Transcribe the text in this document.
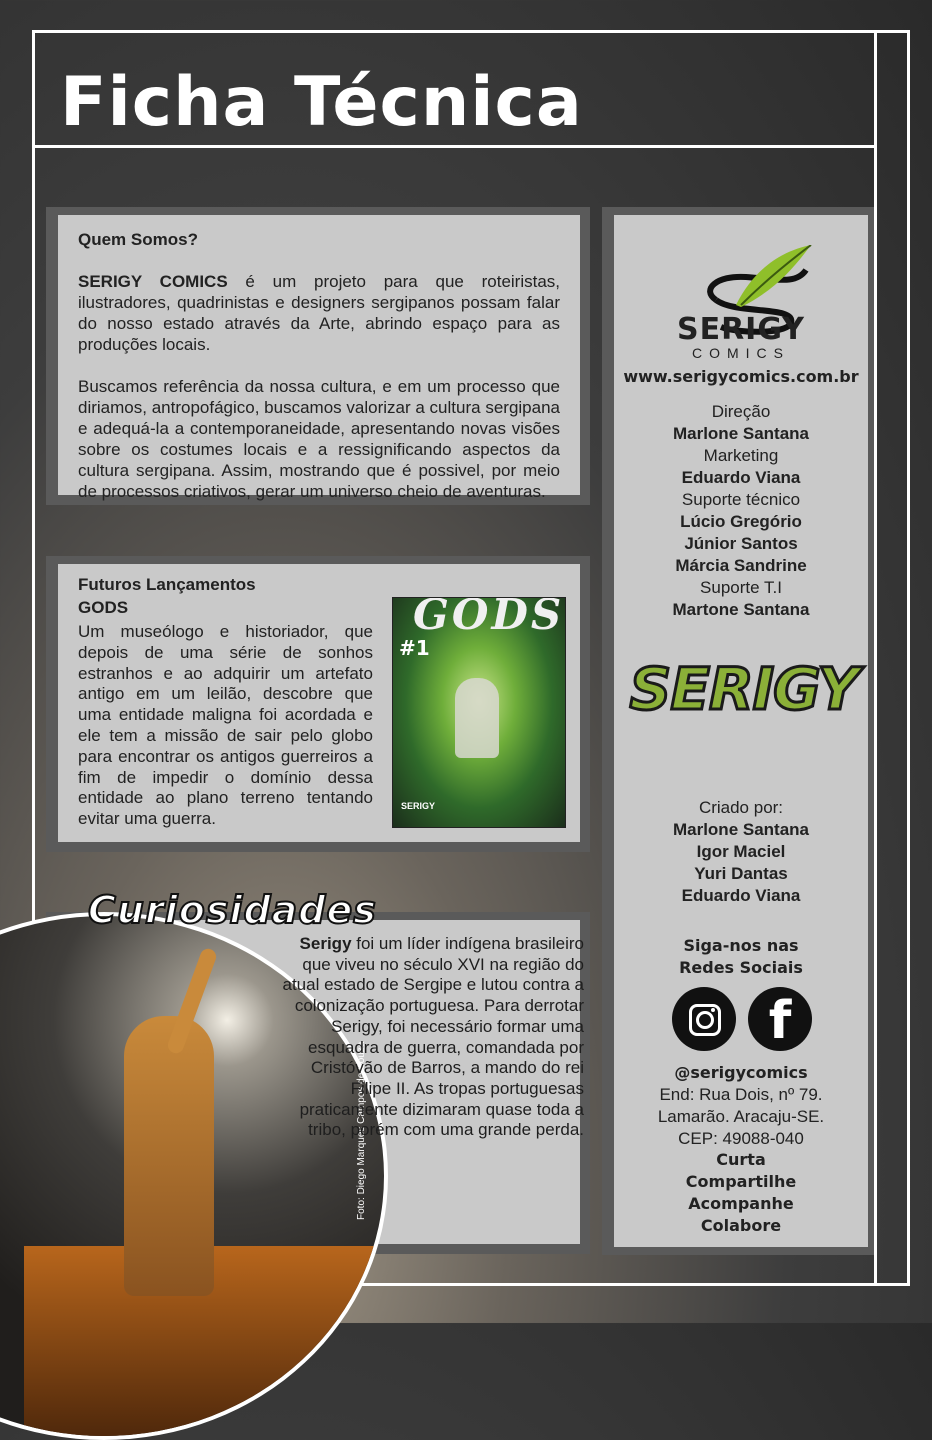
Ficha Técnica
Quem Somos?
SERIGY COMICS é um projeto para que roteiristas, ilustradores, quadrinistas e designers sergipanos possam falar do nosso estado através da Arte, abrindo espaço para as produções locais.
Buscamos referência da nossa cultura, e em um processo que diriamos, antropofágico, buscamos valorizar a cultura sergipana e adequá-la a contemporaneidade, apresentando novas visões sobre os costumes locais e a ressignificando aspectos da cultura sergipana. Assim, mostrando que é possivel, por meio de processos criativos, gerar um universo cheio de aventuras.
Futuros Lançamentos
GODS
Um museólogo e historiador, que depois de uma série de sonhos estranhos e ao adquirir um artefato antigo em um leilão, descobre que uma entidade maligna foi acordada e ele tem a missão de sair pelo globo para encontrar os antigos guerreiros a fim de impedir o domínio dessa entidade ao plano terreno tentando evitar uma guerra.
GODS
#1
SERIGY
Foto: Diego Marques Campos de Souza
Curiosidades
Serigy foi um líder indígena brasileiro que viveu no século XVI na região do atual estado de Sergipe e lutou contra a colonização portuguesa. Para derrotar Serigy, foi necessário formar uma esquadra de guerra, comandada por Cristóvão de Barros, a mando do rei Filipe II. As tropas portuguesas praticamente dizimaram quase toda a tribo, porém com uma grande perda.
SERIGY
COMICS
www.serigycomics.com.br
Direção
Marlone Santana
Marketing
Eduardo Viana
Suporte técnico
Lúcio Gregório
Júnior Santos
Márcia Sandrine
Suporte T.I
Martone Santana
SERIGY
Criado por:
Marlone Santana
Igor Maciel
Yuri Dantas
Eduardo Viana
Siga-nos nas
Redes Sociais
f
@serigycomics
End: Rua Dois, nº 79.
Lamarão. Aracaju-SE.
CEP: 49088-040
Curta
Compartilhe
Acompanhe
Colabore
